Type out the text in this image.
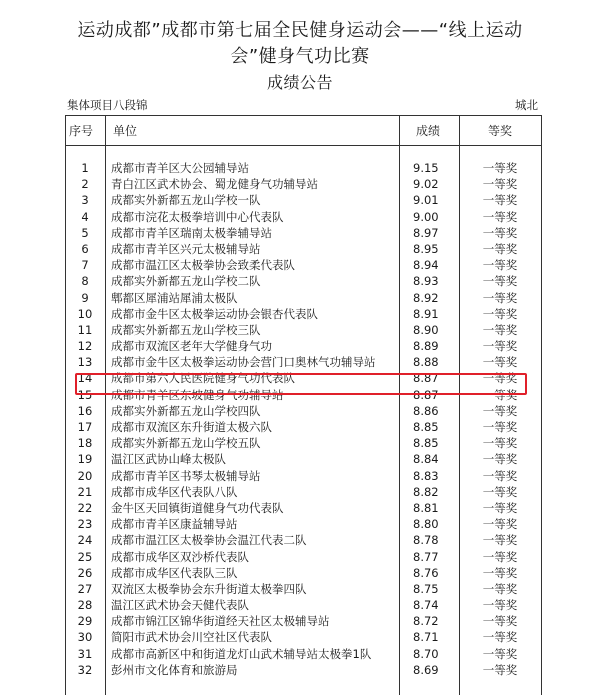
运动成都”成都市第七届全民健身运动会——“线上运动
会”健身气功比赛
成绩公告
集体项目八段锦	城北
序号 单位	成绩	等奖
1	成都市青羊区大公园辅导站	9.15	一等奖
2	青白江区武术协会、蜀龙健身气功辅导站	9.02	一等奖
3	成都实外新都五龙山学校一队	9.01	一等奖
4	成都市浣花太极拳培训中心代表队	9.00	一等奖
5	成都市青羊区瑞南太极拳辅导站	8.97	一等奖
6	成都市青羊区兴元太极辅导站	8.95	一等奖
7	成都市温江区太极拳协会致柔代表队	8.94	一等奖
8	成都实外新都五龙山学校二队	8.93	一等奖
9	郫都区犀浦站犀浦太极队	8.92	一等奖
10	成都市金牛区太极拳运动协会银杏代表队	8.91	一等奖
11	成都实外新都五龙山学校三队	8.90	一等奖
12	成都市双流区老年大学健身气功	8.89	一等奖
13	成都市金牛区太极拳运动协会营门口奥林气功辅导站	8.88	一等奖
14	成都市第六人民医院健身气功代表队	8.87	一等奖
15	成都市青羊区东坡健身气功辅导站	8.87	一等奖
16	成都实外新都五龙山学校四队	8.86	一等奖
17	成都市双流区东升街道太极六队	8.85	一等奖
18	成都实外新都五龙山学校五队	8.85	一等奖
19	温江区武协山峰太极队	8.84	一等奖
20	成都市青羊区书琴太极辅导站	8.83	一等奖
21	成都市成华区代表队八队	8.82	一等奖
22	金牛区天回镇街道健身气功代表队	8.81	一等奖
23	成都市青羊区康益辅导站	8.80	一等奖
24	成都市温江区太极拳协会温江代表二队	8.78	一等奖
25	成都市成华区双沙桥代表队	8.77	一等奖
26	成都市成华区代表队三队	8.76	一等奖
27	双流区太极拳协会东升街道太极拳四队	8.75	一等奖
28	温江区武术协会天健代表队	8.74	一等奖
29	成都市锦江区锦华街道经天社区太极辅导站	8.72	一等奖
30	简阳市武术协会川空社区代表队	8.71	一等奖
31	成都市高新区中和街道龙灯山武术辅导站太极拳1队	8.70	一等奖
32	彭州市文化体育和旅游局	8.69	一等奖
